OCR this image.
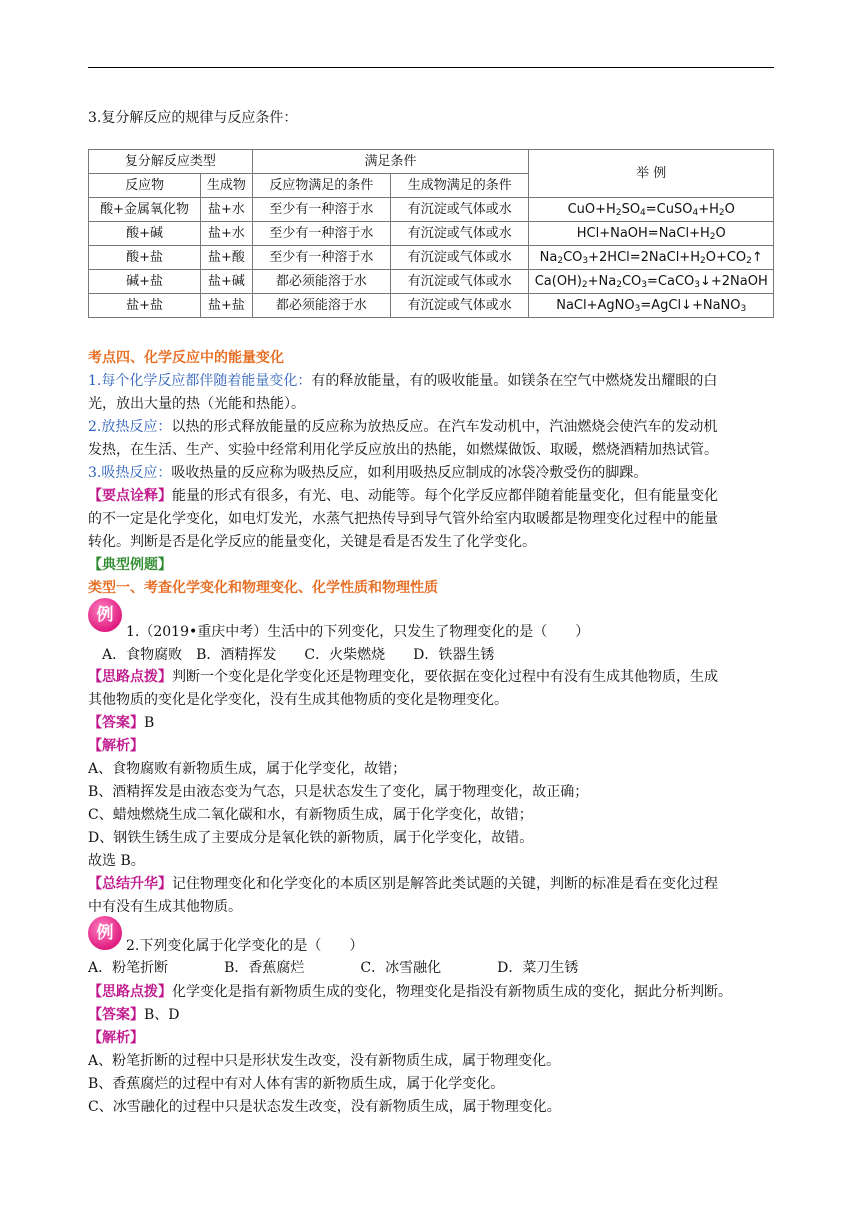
3.复分解反应的规律与反应条件：
复分解反应类型		满足条件		举 例
反应物	生成物	反应物满足的条件	生成物满足的条件	
酸+金属氧化物	盐+水	至少有一种溶于水	有沉淀或气体或水	$CuO+H_2SO_4=CuSO_4+H_2O$
酸+碱	盐+水	至少有一种溶于水	有沉淀或气体或水	$HCl+NaOH=NaCl+H_2O$
酸+盐	盐+酸	至少有一种溶于水	有沉淀或气体或水	$Na_2CO_3+2HCl=2NaCl+H_2O+CO_2↑$
碱+盐	盐+碱	都必须能溶于水	有沉淀或气体或水	$Ca(OH)_2+Na_2CO_3=CaCO_3↓+2NaOH$
盐+盐	盐+盐	都必须能溶于水	有沉淀或气体或水	NaCl+AgNO$_3$=AgCl↓+NaNO$_3$
考点四、化学反应中的能量变化
1.每个化学反应都伴随着能量变化：有的释放能量，有的吸收能量。如镁条在空气中燃烧发出耀眼的白
光，放出大量的热（光能和热能）。
2.放热反应：以热的形式释放能量的反应称为放热反应。在汽车发动机中，汽油燃烧会使汽车的发动机
发热，在生活、生产、实验中经常利用化学反应放出的热能，如燃煤做饭、取暖，燃烧酒精加热试管。
3.吸热反应：吸收热量的反应称为吸热反应，如利用吸热反应制成的冰袋冷敷受伤的脚踝。
【要点诠释】能量的形式有很多，有光、电、动能等。每个化学反应都伴随着能量变化，但有能量变化
的不一定是化学变化，如电灯发光，水蒸气把热传导到导气管外给室内取暖都是物理变化过程中的能量
转化。判断是否是化学反应的能量变化，关键是看是否发生了化学变化。
【典型例题】
类型一、考查化学变化和物理变化、化学性质和物理性质
例
1.（2019•重庆中考）生活中的下列变化，只发生了物理变化的是（　　）
A．食物腐败　B．酒精挥发　　C．火柴燃烧　　D．铁器生锈
【思路点拨】判断一个变化是化学变化还是物理变化，要依据在变化过程中有没有生成其他物质，生成
其他物质的变化是化学变化，没有生成其他物质的变化是物理变化。
【答案】B
【解析】
A、食物腐败有新物质生成，属于化学变化，故错；
B、酒精挥发是由液态变为气态，只是状态发生了变化，属于物理变化，故正确；
C、蜡烛燃烧生成二氧化碳和水，有新物质生成，属于化学变化，故错；
D、钢铁生锈生成了主要成分是氧化铁的新物质，属于化学变化，故错。
故选 B。
【总结升华】记住物理变化和化学变化的本质区别是解答此类试题的关键，判断的标准是看在变化过程
中有没有生成其他物质。
例
2.下列变化属于化学变化的是（　　）
A．粉笔折断　　　　B．香蕉腐烂　　　　C．冰雪融化　　　　D．菜刀生锈
【思路点拨】化学变化是指有新物质生成的变化，物理变化是指没有新物质生成的变化，据此分析判断。
【答案】B、D
【解析】
A、粉笔折断的过程中只是形状发生改变，没有新物质生成，属于物理变化。
B、香蕉腐烂的过程中有对人体有害的新物质生成，属于化学变化。
C、冰雪融化的过程中只是状态发生改变，没有新物质生成，属于物理变化。
